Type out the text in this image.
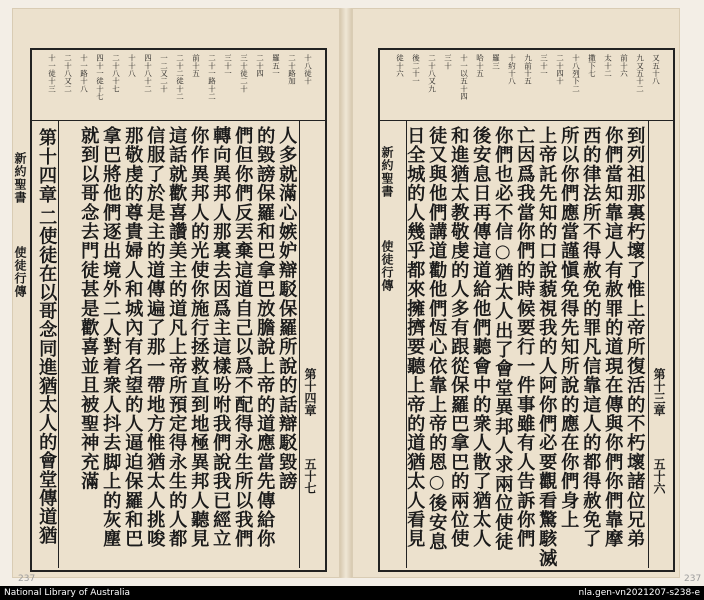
十八徒十
二十路加
羅五一
二十四
三十徒二十
三十一
二十一路十二
前十五
二十二徒十二
一二又二十
四十八十二
十十八
二十八十七
四十一徒十七
十一路十八
二十八又二
十一徒十三
第十四章
五十七
人多就滿心嫉妒辯駁保羅所說的話辯駁毀謗
的毀謗保羅和巴拿巴放膽說上帝的道應當先傳給你
們但你們反丟棄這道自己以爲不配得永生所以我們
轉向異邦人那裏去因爲主這樣吩咐我們說我已經立
你作異邦人的光使你施行拯救直到地極異邦人聽見
這話就歡喜讚美主的道凡上帝所預定得永生的人都
信服了於是主的道傳遍了那一帶地方惟猶太人挑唆
那敬虔的尊貴婦人和城內有名望的人逼迫保羅和巴
拿巴將他們逐出境外二人對着衆人抖去脚上的灰塵
就到以哥念去門徒甚是歡喜並且被聖神充滿
第十四章
二使徒在以哥念同進猶太人的會堂傳道猶
新約聖書
使徒行傳
又五十八
九又五十二
前十六
太十二
撒下七
十八列下二
二十四十
三十一
九前十五
十約十八
羅三
哈十五
十一以五十四
三十
二十八又九
後二十一
徒十六
第十三章
五十六
到列祖那裏朽壞了惟上帝所復活的不朽壞諸位兄弟
你們當知靠這人有赦罪的道現在傳與你們你們靠摩
西的律法所不得赦免的罪凡信靠這人的都得赦免了
所以你們應當謹愼免得先知所說的應在你們身上
上帝託先知的口說藐視我的人阿你們必要觀看驚駭滅
亡因爲我當你們的時候要行一件事雖有人告訴你們
你們也必不信○猶太人出了會堂異邦人求兩位使徒
後安息日再傳這道給他們聽會中的衆人散了猶太人
和進猶太教敬虔的人多有跟從保羅巴拿巴的兩位使
徒又與他們講道勸他們恆心依靠上帝的恩○後安息
日全城的人幾乎都來擁擠要聽上帝的道猶太人看見
新約聖書
使徒行傳
237	237
National Library of Australia	nla.gen-vn2021207-s238-e
